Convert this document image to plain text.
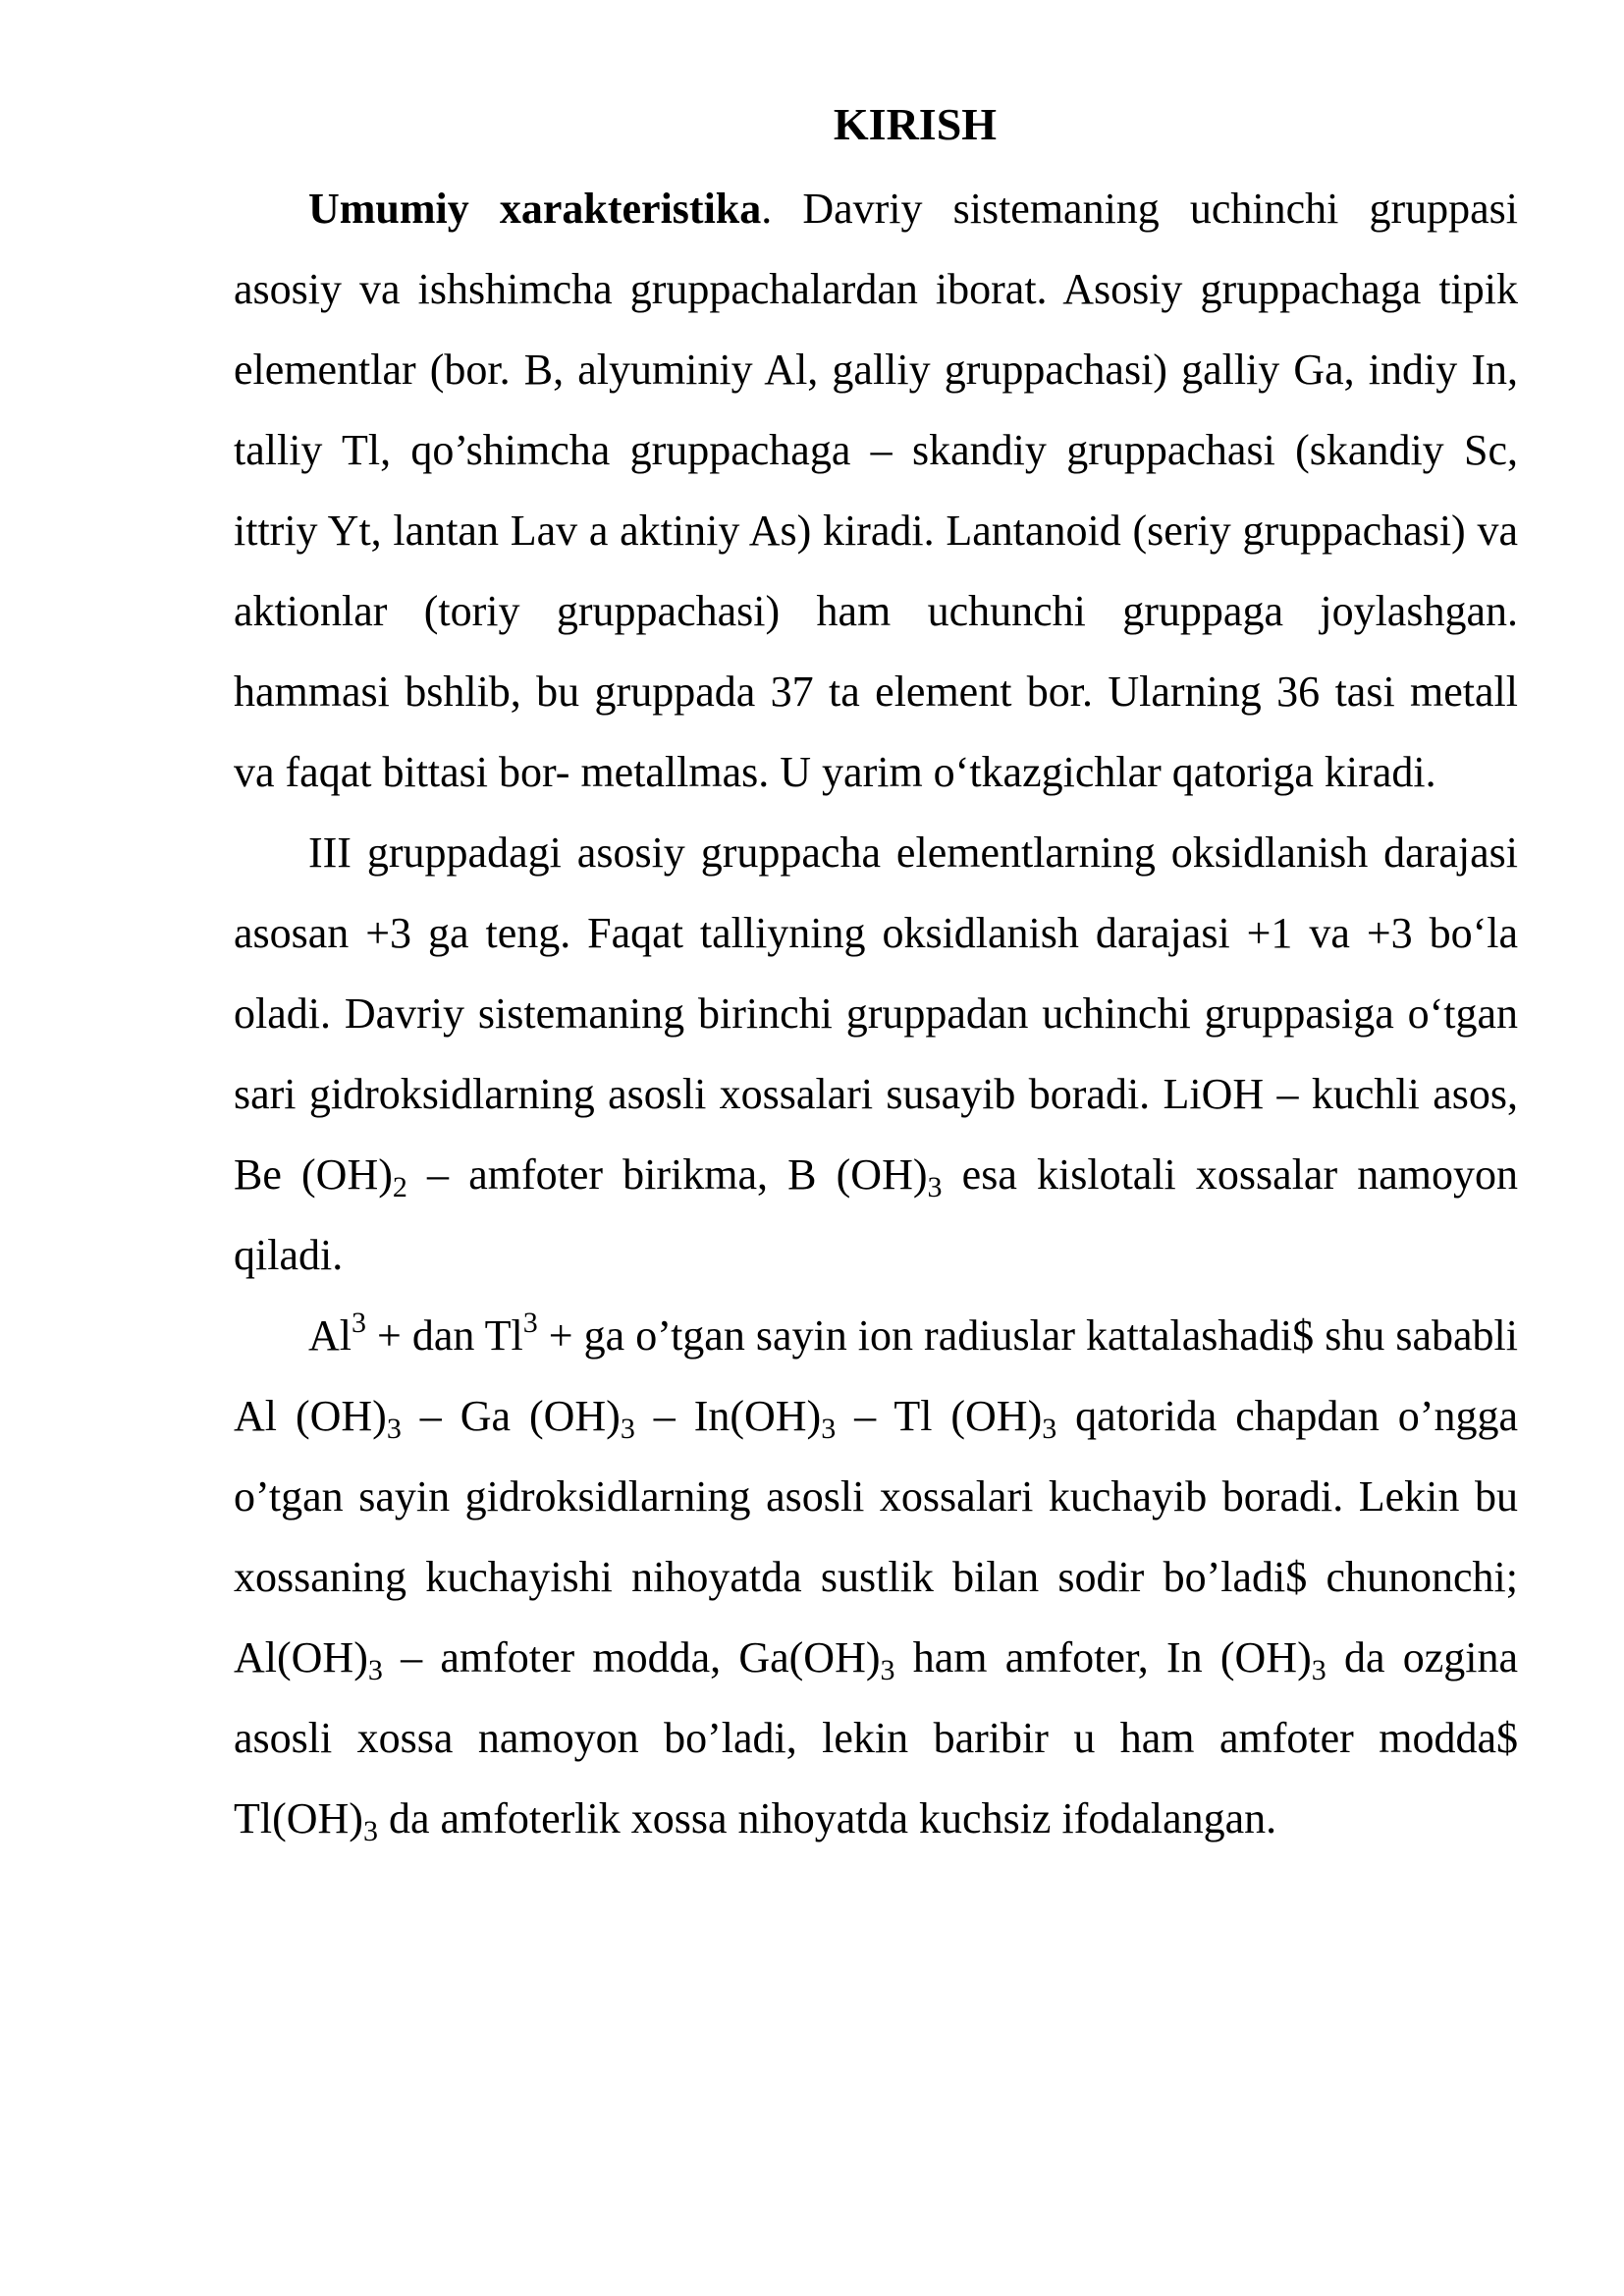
KIRISH

Umumiy xarakteristika. Davriy sistemaning uchinchi gruppasi asosiy va ishshimcha gruppachalardan iborat. Asosiy gruppachaga tipik elementlar (bor. B, alyuminiy Al, galliy gruppachasi) galliy Ga, indiy In, talliy Tl, qo’shimcha gruppachaga – skandiy gruppachasi (skandiy Sc, ittriy Yt, lantan Lav a aktiniy As) kiradi. Lantanoid (seriy gruppachasi) va aktionlar (toriy gruppachasi) ham uchunchi gruppaga joylashgan. hammasi bshlib, bu gruppada 37 ta element bor. Ularning 36 tasi metall va faqat bittasi bor- metallmas. U yarim o‘tkazgichlar qatoriga kiradi.

III gruppadagi asosiy gruppacha elementlarning oksidlanish darajasi asosan +3 ga teng. Faqat talliyning oksidlanish darajasi +1 va +3 bo‘la oladi. Davriy sistemaning birinchi gruppadan uchinchi gruppasiga o‘tgan sari gidroksidlarning asosli xossalari susayib boradi. LiOH – kuchli asos, Be $(OH)_2$ – amfoter birikma, B $(OH)_3$ esa kislotali xossalar namoyon qiladi.

$Al^3$ + dan $Tl^3$ + ga o’tgan sayin ion radiuslar kattalashadi$ shu sababli Al $(OH)_3$ – Ga $(OH)_3 - In(OH)_3$ – Tl $(OH)_3$ qatorida chapdan o’ngga o’tgan sayin gidroksidlarning asosli xossalari kuchayib boradi. Lekin bu xossaning kuchayishi nihoyatda sustlik bilan sodir bo’ladi$ chunonchi; $Al(OH)_3$ – amfoter modda, $Ga(OH)_3$ ham amfoter, In $(OH)_3$ da ozgina asosli xossa namoyon bo’ladi, lekin baribir u ham amfoter modda$ $Tl(OH)_3$ da amfoterlik xossa nihoyatda kuchsiz ifodalangan.
